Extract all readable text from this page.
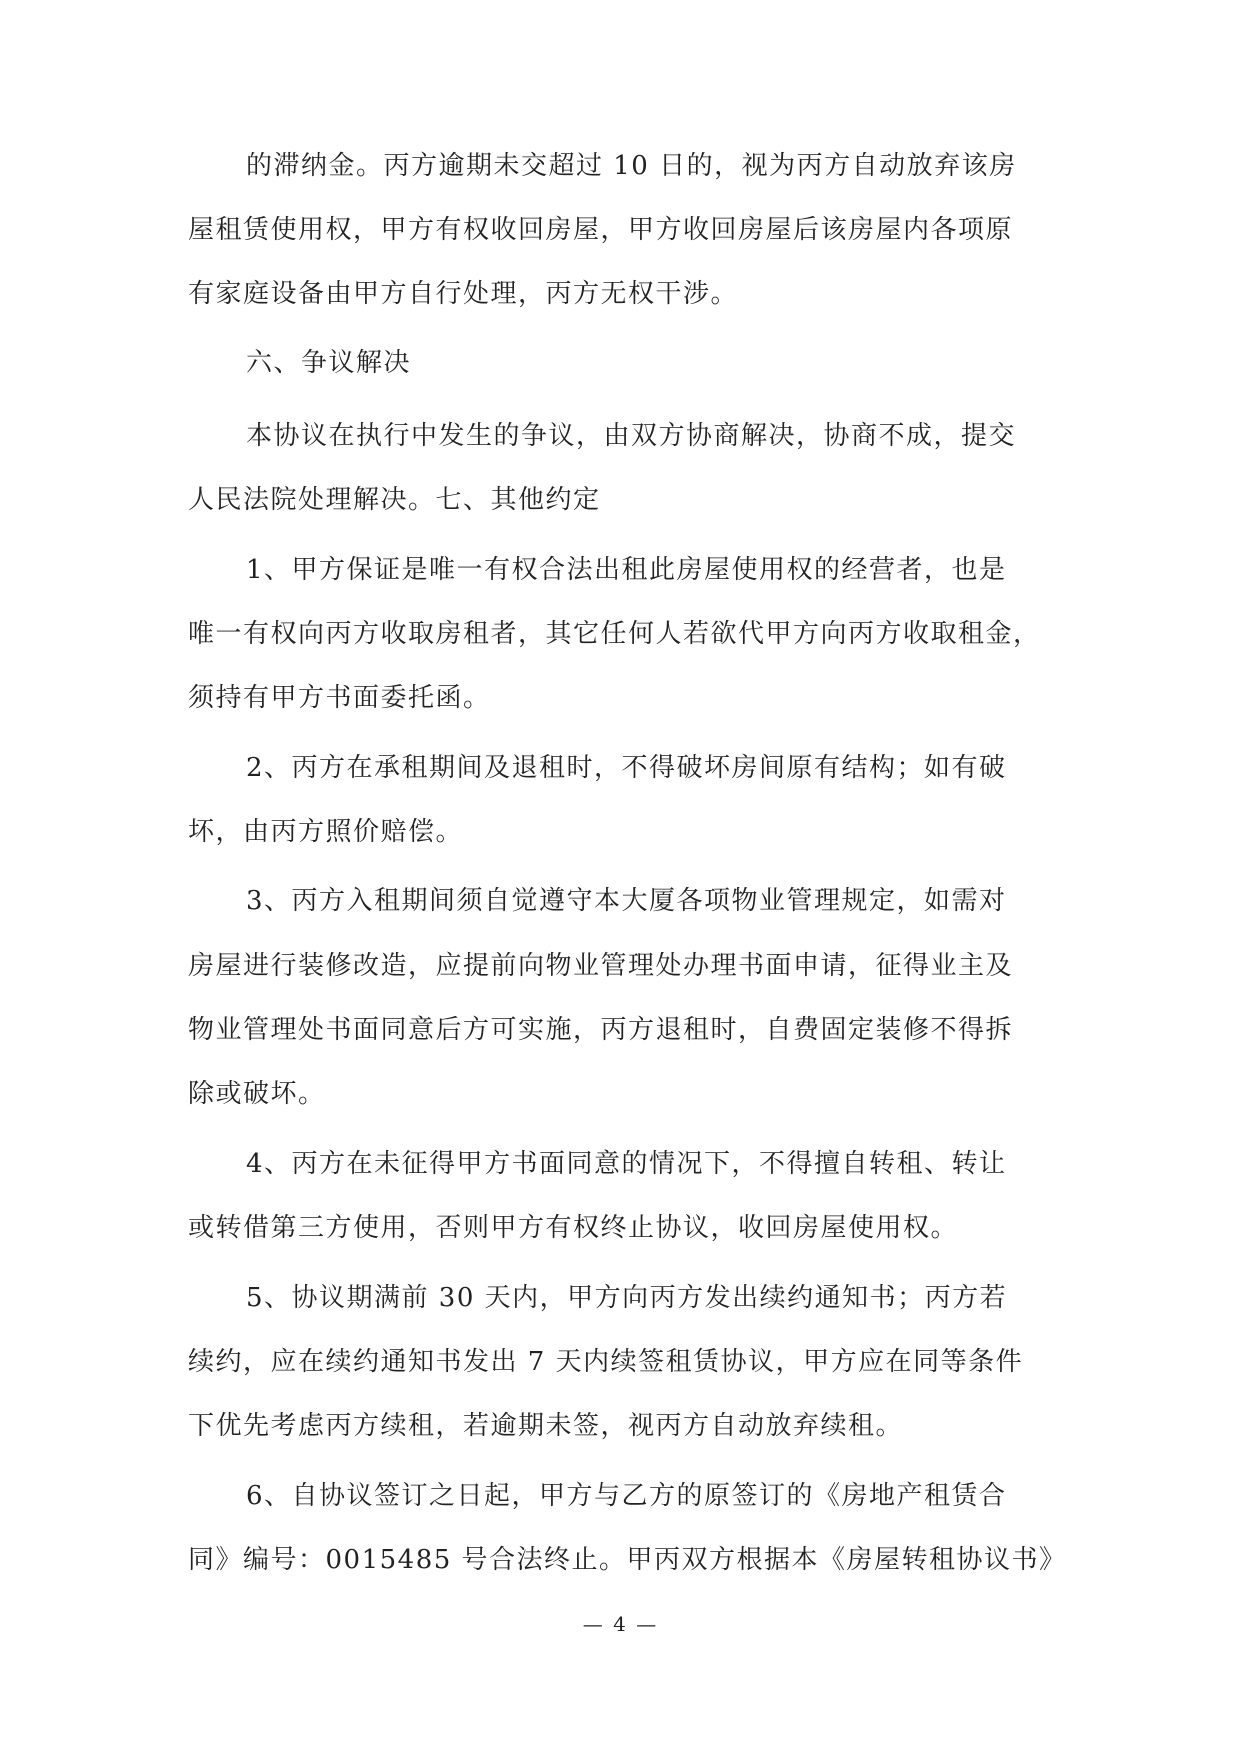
的滞纳金。丙方逾期未交超过 10 日的，视为丙方自动放弃该房
屋租赁使用权，甲方有权收回房屋，甲方收回房屋后该房屋内各项原
有家庭设备由甲方自行处理，丙方无权干涉。
六、争议解决
本协议在执行中发生的争议，由双方协商解决，协商不成，提交
人民法院处理解决。七、其他约定
1、甲方保证是唯一有权合法出租此房屋使用权的经营者，也是
唯一有权向丙方收取房租者，其它任何人若欲代甲方向丙方收取租金，
须持有甲方书面委托函。
2、丙方在承租期间及退租时，不得破坏房间原有结构；如有破
坏，由丙方照价赔偿。
3、丙方入租期间须自觉遵守本大厦各项物业管理规定，如需对
房屋进行装修改造，应提前向物业管理处办理书面申请，征得业主及
物业管理处书面同意后方可实施，丙方退租时，自费固定装修不得拆
除或破坏。
4、丙方在未征得甲方书面同意的情况下，不得擅自转租、转让
或转借第三方使用，否则甲方有权终止协议，收回房屋使用权。
5、协议期满前 30 天内，甲方向丙方发出续约通知书；丙方若
续约，应在续约通知书发出 7 天内续签租赁协议，甲方应在同等条件
下优先考虑丙方续租，若逾期未签，视丙方自动放弃续租。
6、自协议签订之日起，甲方与乙方的原签订的《房地产租赁合
同》编号：0015485 号合法终止。甲丙双方根据本《房屋转租协议书》
— 4 —
